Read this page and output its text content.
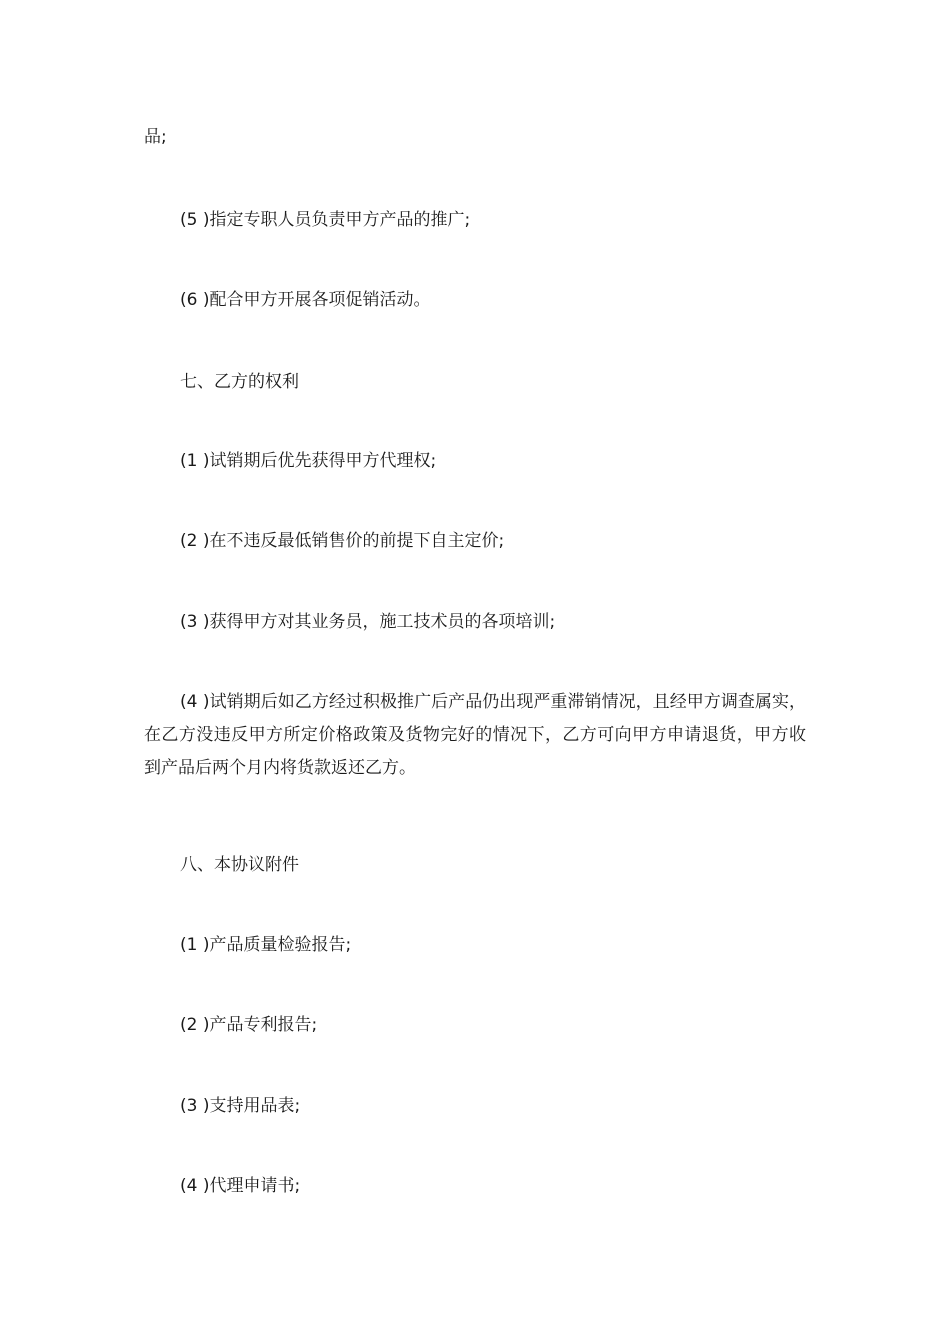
品;

(5 )指定专职人员负责甲方产品的推广;

(6 )配合甲方开展各项促销活动。

七、乙方的权利

(1 )试销期后优先获得甲方代理权;

(2 )在不违反最低销售价的前提下自主定价;

(3 )获得甲方对其业务员，施工技术员的各项培训;

(4 )试销期后如乙方经过积极推广后产品仍出现严重滞销情况，且经甲方调查属实，在乙方没违反甲方所定价格政策及货物完好的情况下，乙方可向甲方申请退货，甲方收到产品后两个月内将货款返还乙方。

八、本协议附件

(1 )产品质量检验报告;

(2 )产品专利报告;

(3 )支持用品表;

(4 )代理申请书;
